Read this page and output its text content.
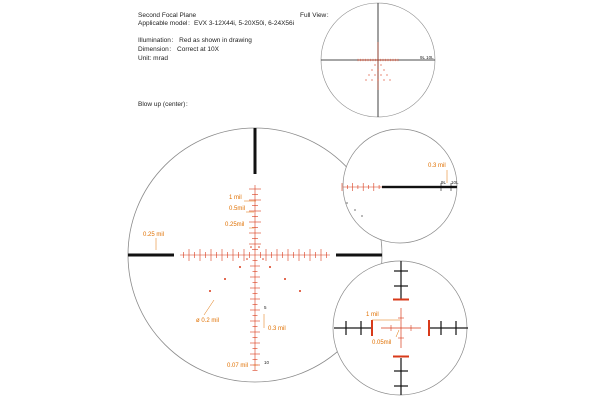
Second Focal Plane
Applicable model：EVX 3-12X44i, 5-20X50i, 6-24X56i
Illumination： Red as shown in drawing
Dimension： Correct at 10X
Unit: mrad
Full View：
Blow up (center)：
9L 10L
1 mil
0.5mil
0.25mil
0.25 mil
ø 0.2 mil
0.3 mil
0.07 mil
5
10
0.3 mil
9L 10L
1 mil
0.05mil
